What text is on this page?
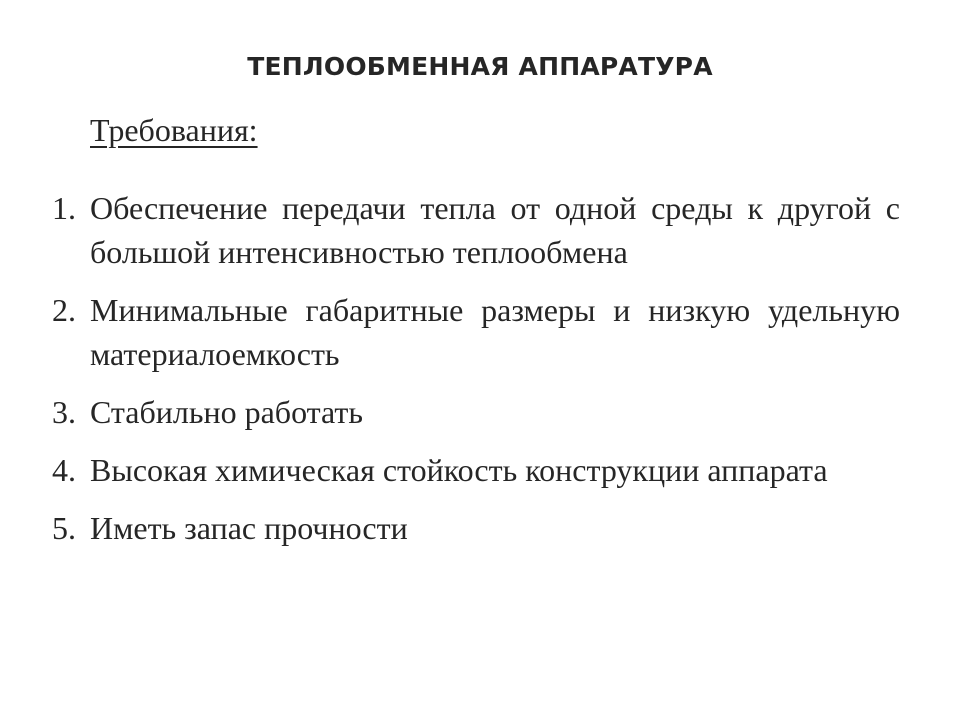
ТЕПЛООБМЕННАЯ АППАРАТУРА
Требования:
1. Обеспечение передачи тепла от одной среды к другой с большой интенсивностью теплообмена
2. Минимальные габаритные размеры и низкую удельную материалоемкость
3. Стабильно работать
4. Высокая химическая стойкость конструкции аппарата
5. Иметь запас прочности
